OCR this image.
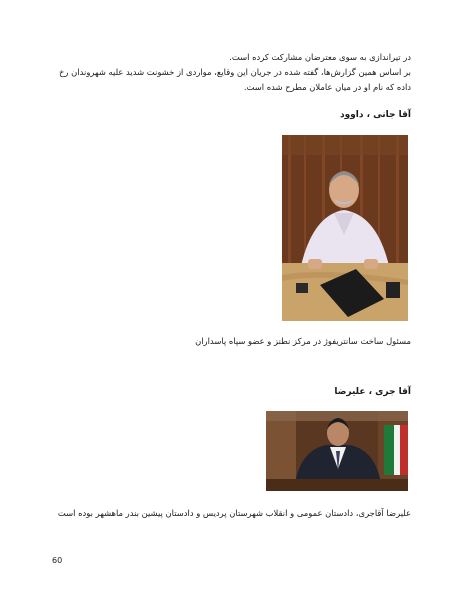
در تیراندازی به سوی معترضان مشارکت کرده است.
بر اساس همین گزارش‌ها، گفته شده در جریان این وقایع، مواردی از خشونت شدید علیه شهروندان رخ
داده که نام او در میان عاملان مطرح شده است.
آقا جانی ، داوود
مسئول ساخت سانتریفوژ در مرکز نطنز و عضو سپاه پاسداران
آقا جری ، علیرضا
علیرضا آقاجری، دادستان عمومی و انقلاب شهرستان پردیس و دادستان پیشین بندر ماهشهر بوده است
60
